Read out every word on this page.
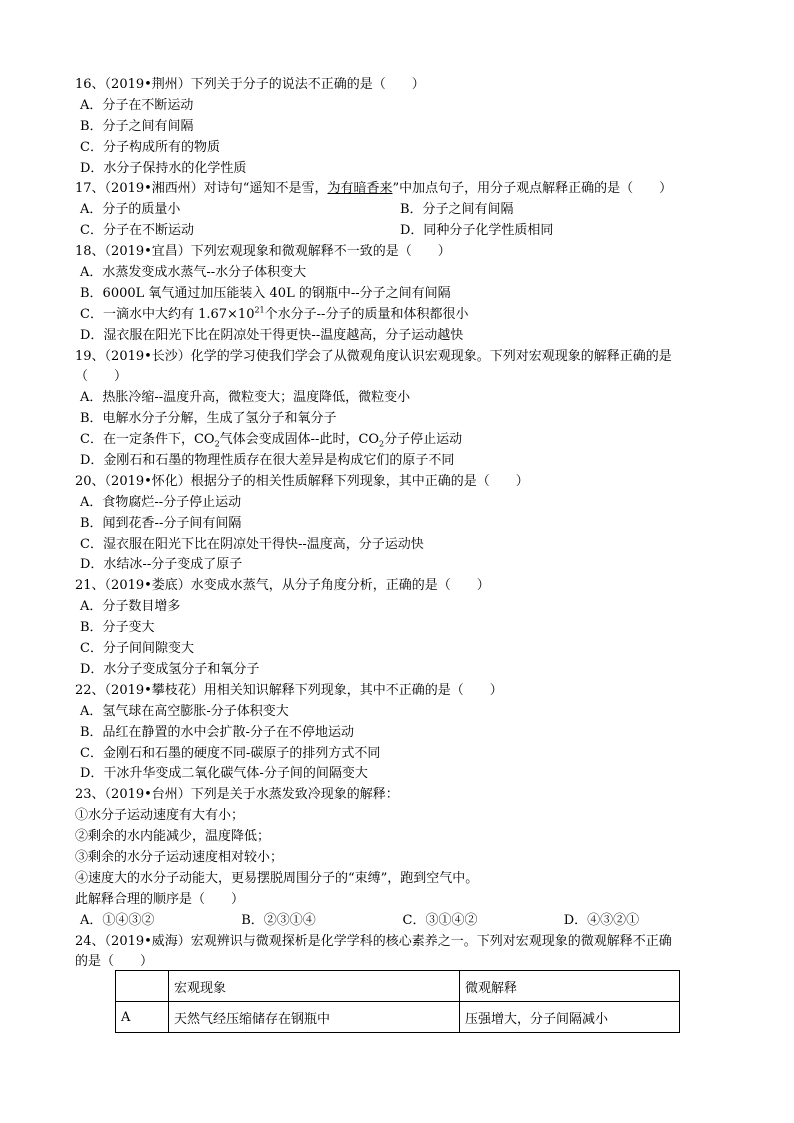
16、（2019•荆州）下列关于分子的说法不正确的是（　　）
A．分子在不断运动
B．分子之间有间隔
C．分子构成所有的物质
D．水分子保持水的化学性质
17、（2019•湘西州）对诗句“遥知不是雪，为有暗香来”中加点句子，用分子观点解释正确的是（　　）
A．分子的质量小	B．分子之间有间隔
C．分子在不断运动	D．同种分子化学性质相同
18、（2019•宜昌）下列宏观现象和微观解释不一致的是（　　）
A．水蒸发变成水蒸气--水分子体积变大
B．6000L 氧气通过加压能装入 40L 的钢瓶中--分子之间有间隔
C．一滴水中大约有 $1.67\times 10^{21}$个水分子--分子的质量和体积都很小
D．湿衣服在阳光下比在阴凉处干得更快--温度越高，分子运动越快
19、（2019•长沙）化学的学习使我们学会了从微观角度认识宏观现象。下列对宏观现象的解释正确的是
（　　）
A．热胀冷缩--温度升高，微粒变大；温度降低，微粒变小
B．电解水分子分解，生成了氢分子和氧分子
C．在一定条件下，$CO_2$气体会变成固体--此时，$CO_2$分子停止运动
D．金刚石和石墨的物理性质存在很大差异是构成它们的原子不同
20、（2019•怀化）根据分子的相关性质解释下列现象，其中正确的是（　　）
A．食物腐烂--分子停止运动
B．闻到花香--分子间有间隔
C．湿衣服在阳光下比在阴凉处干得快--温度高，分子运动快
D．水结冰--分子变成了原子
21、（2019•娄底）水变成水蒸气，从分子角度分析，正确的是（　　）
A．分子数目增多
B．分子变大
C．分子间间隙变大
D．水分子变成氢分子和氧分子
22、（2019•攀枝花）用相关知识解释下列现象，其中不正确的是（　　）
A．氢气球在高空膨胀-分子体积变大
B．品红在静置的水中会扩散-分子在不停地运动
C．金刚石和石墨的硬度不同-碳原子的排列方式不同
D．干冰升华变成二氧化碳气体-分子间的间隔变大
23、（2019•台州）下列是关于水蒸发致冷现象的解释：
①水分子运动速度有大有小；
②剩余的水内能减少，温度降低；
③剩余的水分子运动速度相对较小；
④速度大的水分子动能大，更易摆脱周围分子的“束缚”，跑到空气中。
此解释合理的顺序是（　　）
A．①④③②	B．②③①④	C．③①④②	D．④③②①
24、（2019•威海）宏观辨识与微观探析是化学学科的核心素养之一。下列对宏观现象的微观解释不正确
的是（　　）
	宏观现象	微观解释
A	天然气经压缩储存在钢瓶中	压强增大，分子间隔减小
